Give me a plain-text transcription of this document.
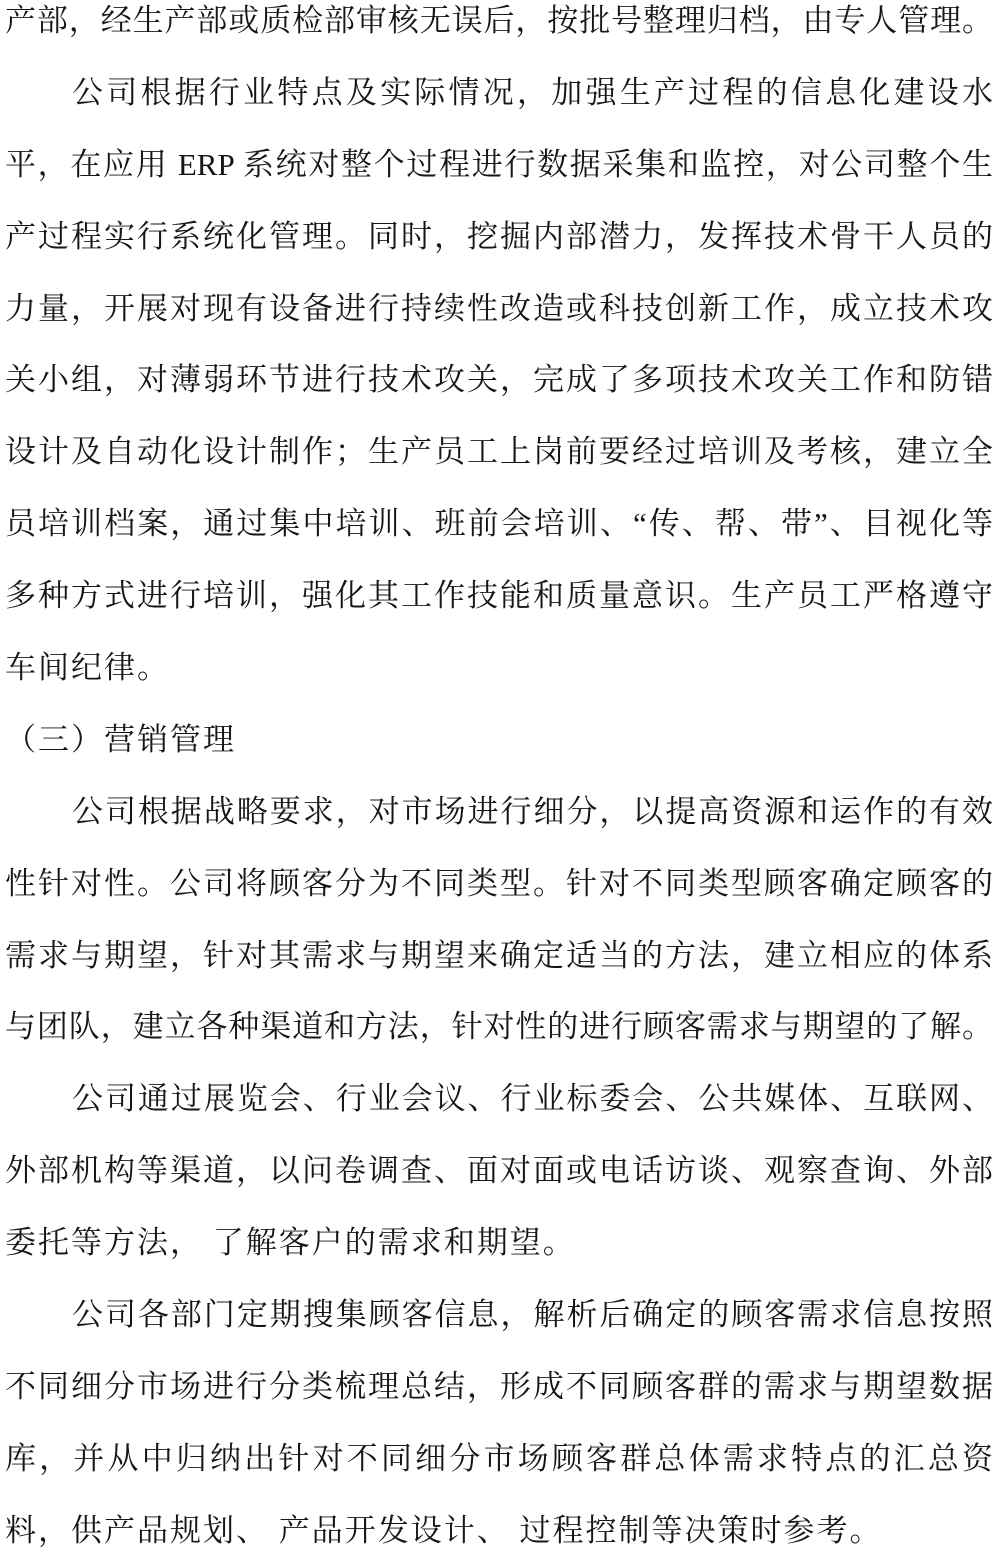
产部，经生产部或质检部审核无误后，按批号整理归档，由专人管理。
公司根据行业特点及实际情况，加强生产过程的信息化建设水
平，在应用 ERP 系统对整个过程进行数据采集和监控，对公司整个生
产过程实行系统化管理。同时，挖掘内部潜力，发挥技术骨干人员的
力量，开展对现有设备进行持续性改造或科技创新工作，成立技术攻
关小组，对薄弱环节进行技术攻关，完成了多项技术攻关工作和防错
设计及自动化设计制作；生产员工上岗前要经过培训及考核，建立全
员培训档案，通过集中培训、班前会培训、“传、帮、带”、目视化等
多种方式进行培训，强化其工作技能和质量意识。生产员工严格遵守
车间纪律。
（三）营销管理
公司根据战略要求，对市场进行细分，以提高资源和运作的有效
性针对性。公司将顾客分为不同类型。针对不同类型顾客确定顾客的
需求与期望，针对其需求与期望来确定适当的方法，建立相应的体系
与团队，建立各种渠道和方法，针对性的进行顾客需求与期望的了解。
公司通过展览会、行业会议、行业标委会、公共媒体、互联网、
外部机构等渠道，以问卷调查、面对面或电话访谈、观察查询、外部
委托等方法， 了解客户的需求和期望。
公司各部门定期搜集顾客信息，解析后确定的顾客需求信息按照
不同细分市场进行分类梳理总结，形成不同顾客群的需求与期望数据
库，并从中归纳出针对不同细分市场顾客群总体需求特点的汇总资
料，供产品规划、 产品开发设计、 过程控制等决策时参考。
